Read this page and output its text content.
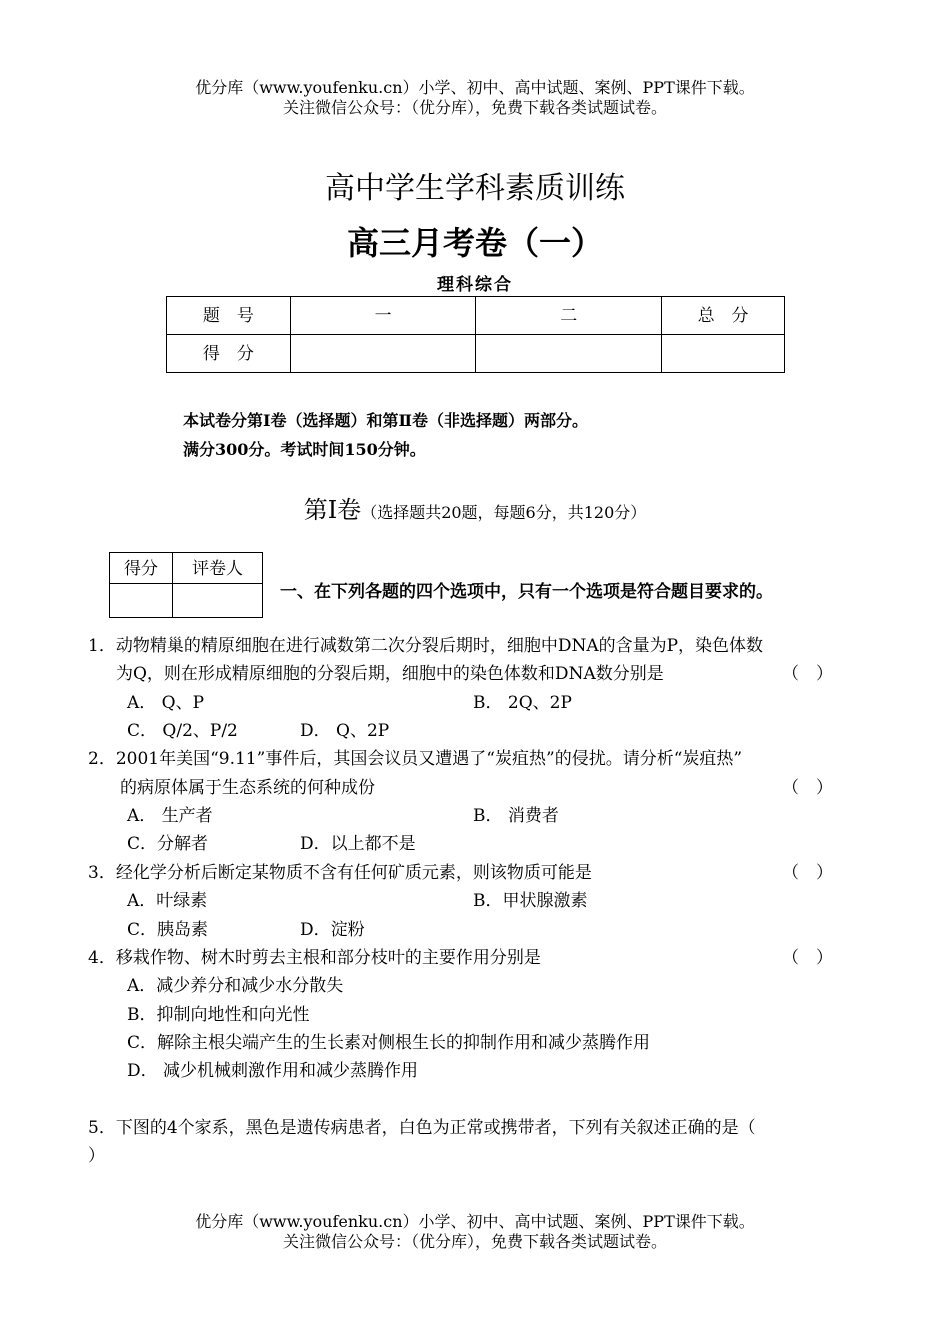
优分库（www.youfenku.cn）小学、初中、高中试题、案例、PPT课件下载。
关注微信公众号：（优分库），免费下载各类试题试卷。
高中学生学科素质训练
高三月考卷（一）
理科综合
题　号	一	二	总　分
得　分			
本试卷分第Ⅰ卷（选择题）和第Ⅱ卷（非选择题）两部分。
满分300分。考试时间150分钟。
第Ⅰ卷（选择题共20题，每题6分，共120分）
得分	评卷人

一、在下列各题的四个选项中，只有一个选项是符合题目要求的。
1．动物精巢的精原细胞在进行减数第二次分裂后期时，细胞中DNA的含量为P，染色体数
为Q，则在形成精原细胞的分裂后期，细胞中的染色体数和DNA数分别是	（　）
A． Q、P	B． 2Q、2P
C． Q/2、P/2	D． Q、2P
2．2001年美国“9.11”事件后，其国会议员又遭遇了“炭疽热”的侵扰。请分析“炭疽热”
的病原体属于生态系统的何种成份	（　）
A． 生产者	B． 消费者
C．分解者	D．以上都不是
3．经化学分析后断定某物质不含有任何矿质元素，则该物质可能是	（　）
A．叶绿素	B．甲状腺激素
C．胰岛素	D．淀粉
4．移栽作物、树木时剪去主根和部分枝叶的主要作用分别是	（　）
A．减少养分和减少水分散失
B．抑制向地性和向光性
C．解除主根尖端产生的生长素对侧根生长的抑制作用和减少蒸腾作用
D． 减少机械刺激作用和减少蒸腾作用
5．下图的4个家系，黑色是遗传病患者，白色为正常或携带者，下列有关叙述正确的是（
）
优分库（www.youfenku.cn）小学、初中、高中试题、案例、PPT课件下载。
关注微信公众号：（优分库），免费下载各类试题试卷。
